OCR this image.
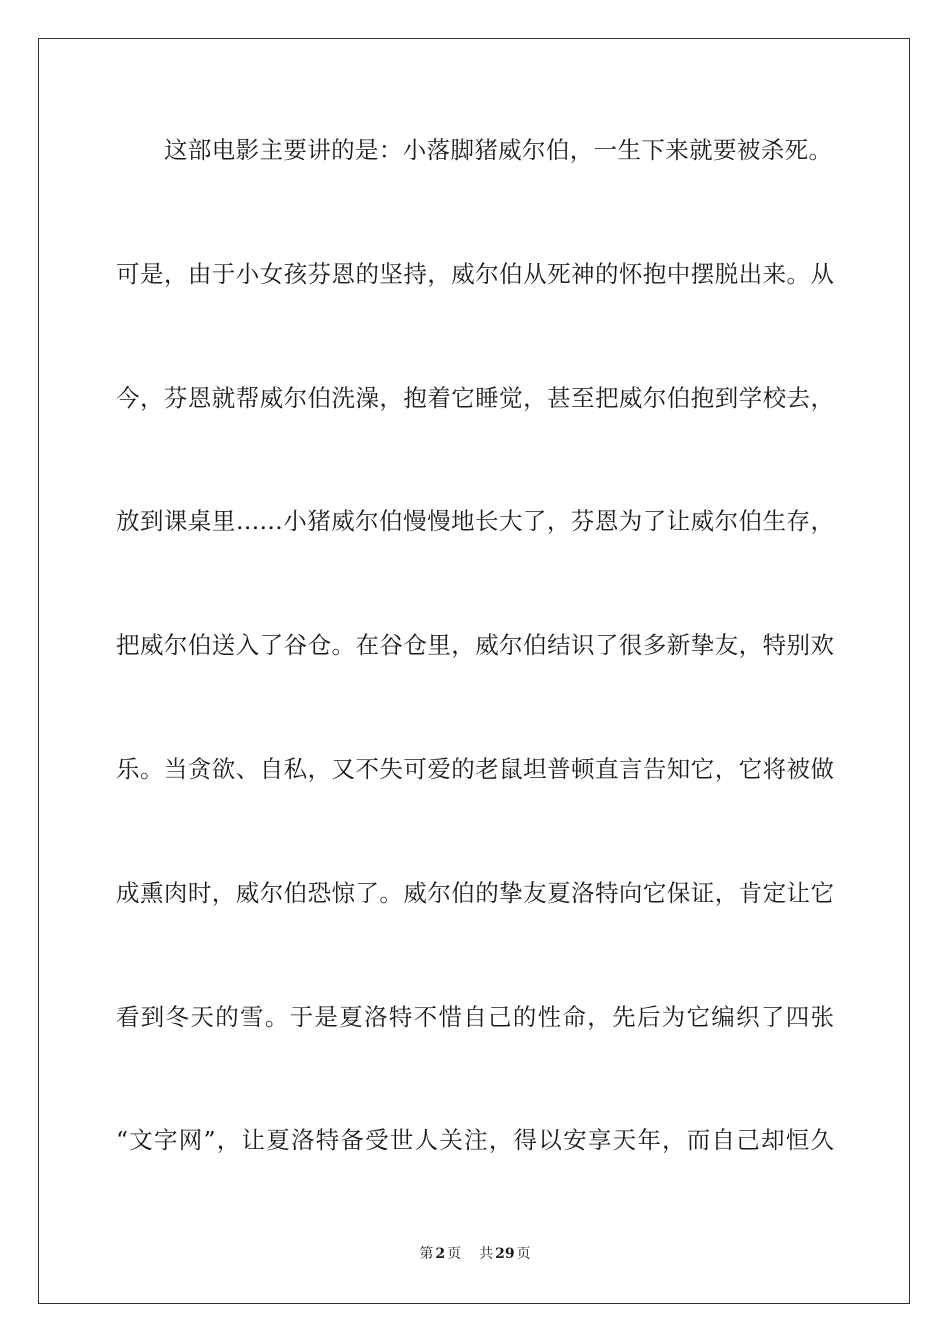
这部电影主要讲的是：小落脚猪威尔伯，一生下来就要被杀死。
可是，由于小女孩芬恩的坚持，威尔伯从死神的怀抱中摆脱出来。从
今，芬恩就帮威尔伯洗澡，抱着它睡觉，甚至把威尔伯抱到学校去，
放到课桌里……小猪威尔伯慢慢地长大了，芬恩为了让威尔伯生存，
把威尔伯送入了谷仓。在谷仓里，威尔伯结识了很多新挚友，特别欢
乐。当贪欲、自私，又不失可爱的老鼠坦普顿直言告知它，它将被做
成熏肉时，威尔伯恐惊了。威尔伯的挚友夏洛特向它保证，肯定让它
看到冬天的雪。于是夏洛特不惜自己的性命，先后为它编织了四张
“文字网”，让夏洛特备受世人关注，得以安享天年，而自己却恒久
第 2 页 共 29 页
